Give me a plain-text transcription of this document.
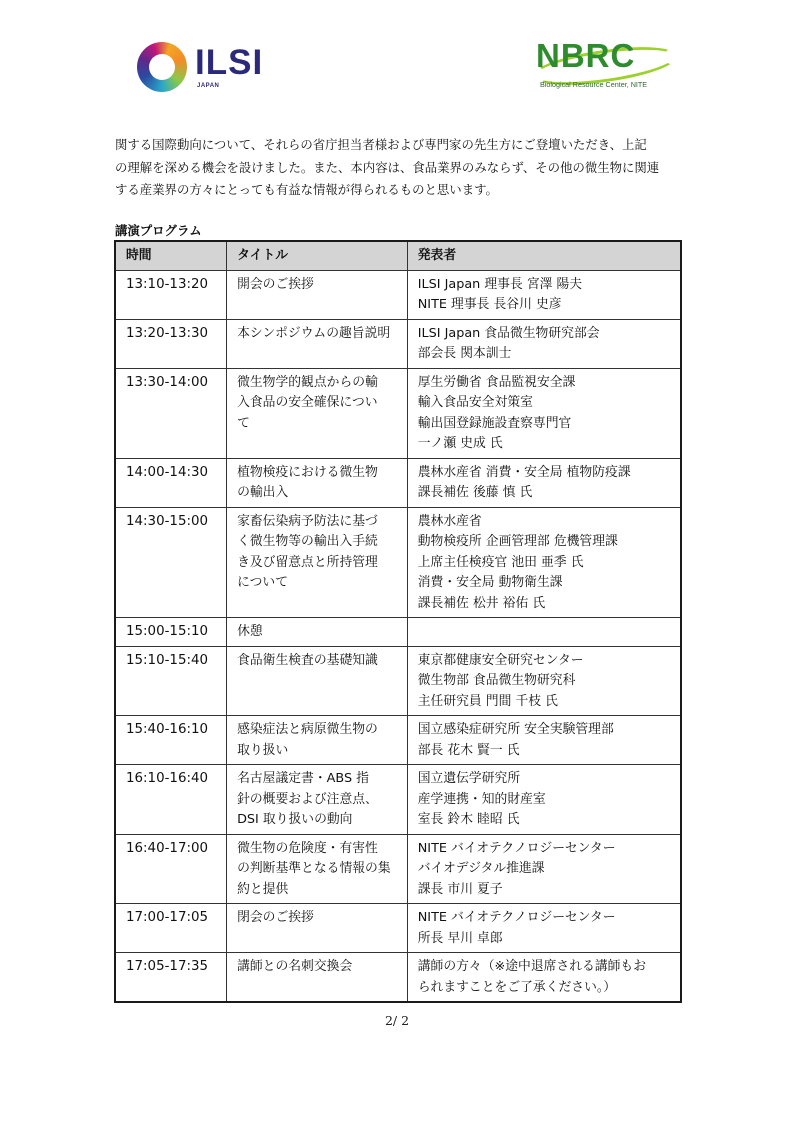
ILSI
JAPAN
NBRC
Biological Resource Center, NITE

関する国際動向について、それらの省庁担当者様および専門家の先生方にご登壇いただき、上記

の理解を深める機会を設けました。また、本内容は、食品業界のみならず、その他の微生物に関連

する産業界の方々にとっても有益な情報が得られるものと思います。

講演プログラム
時間	タイトル	発表者
13:10-13:20	開会のご挨拶	ILSI Japan 理事長 宮澤 陽夫
NITE 理事長 長谷川 史彦

13:20-13:30	本シンポジウムの趣旨説明	ILSI Japan 食品微生物研究部会
部会長 関本訓士

13:30-14:00	微生物学的観点からの輸
入食品の安全確保につい
て	厚生労働省 食品監視安全課
輸入食品安全対策室
輸出国登録施設査察専門官
一ノ瀬 史成 氏

14:00-14:30	植物検疫における微生物
の輸出入	農林水産省 消費・安全局 植物防疫課
課長補佐 後藤 慎 氏

14:30-15:00	家畜伝染病予防法に基づ
く微生物等の輸出入手続
き及び留意点と所持管理
について	農林水産省
動物検疫所 企画管理部 危機管理課
上席主任検疫官 池田 亜季 氏
消費・安全局 動物衛生課
課長補佐 松井 裕佑 氏

15:00-15:10	休憩	

15:10-15:40	食品衛生検査の基礎知識	東京都健康安全研究センター
微生物部 食品微生物研究科
主任研究員 門間 千枝 氏

15:40-16:10	感染症法と病原微生物の
取り扱い	国立感染症研究所 安全実験管理部
部長 花木 賢一 氏

16:10-16:40	名古屋議定書・ABS 指
針の概要および注意点、
DSI 取り扱いの動向	国立遺伝学研究所
産学連携・知的財産室
室長 鈴木 睦昭 氏

16:40-17:00	微生物の危険度・有害性
の判断基準となる情報の集
約と提供	NITE バイオテクノロジーセンター
バイオデジタル推進課
課長 市川 夏子

17:00-17:05	閉会のご挨拶	NITE バイオテクノロジーセンター
所長 早川 卓郎

17:05-17:35	講師との名刺交換会	講師の方々（※途中退席される講師もお
られますことをご了承ください。）
2/ 2
